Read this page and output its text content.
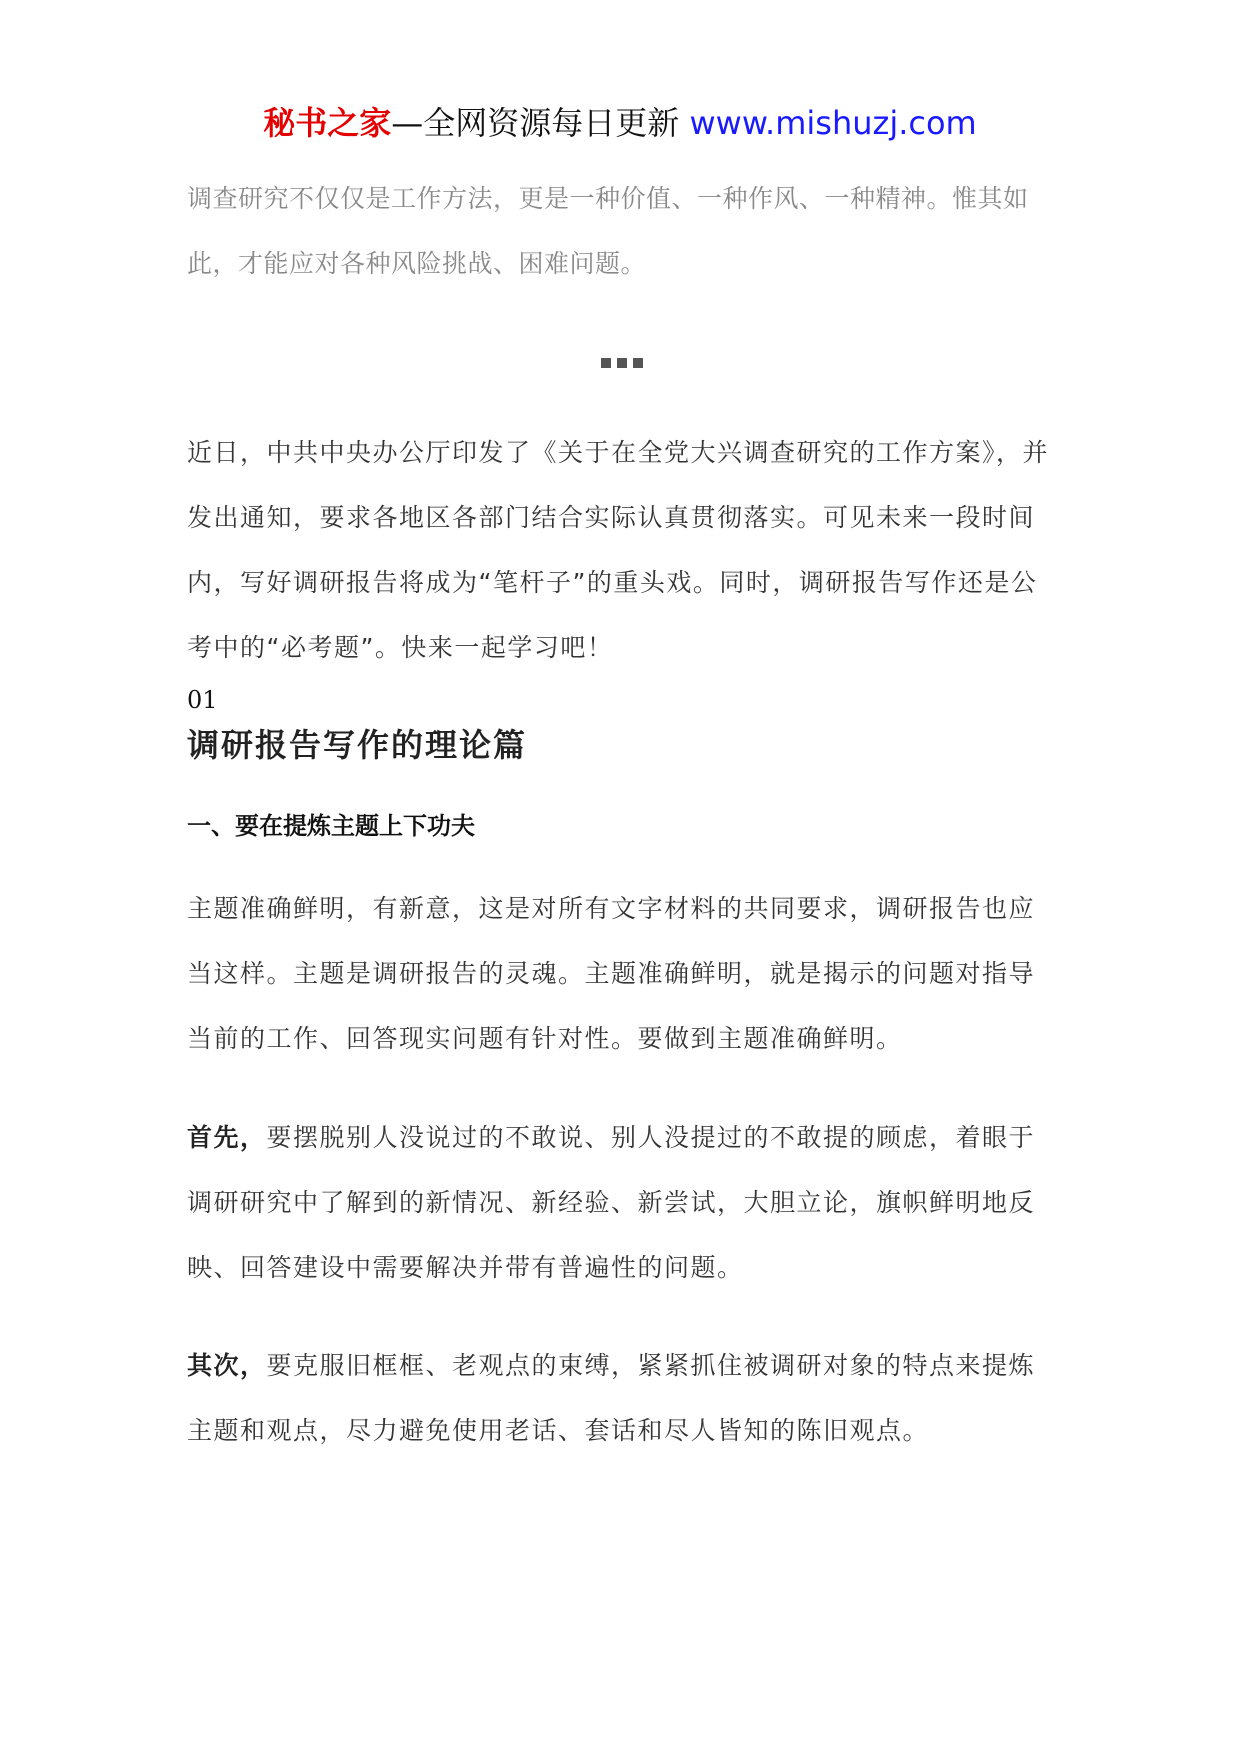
秘书之家—全网资源每日更新 www.mishuzj.com

调查研究不仅仅是工作方法，更是一种价值、一种作风、一种精神。惟其如此，才能应对各种风险挑战、困难问题。

近日，中共中央办公厅印发了《关于在全党大兴调查研究的工作方案》，并发出通知，要求各地区各部门结合实际认真贯彻落实。可见未来一段时间内，写好调研报告将成为“笔杆子”的重头戏。同时，调研报告写作还是公考中的“必考题”。快来一起学习吧！

01
调研报告写作的理论篇
一、要在提炼主题上下功夫

主题准确鲜明，有新意，这是对所有文字材料的共同要求，调研报告也应当这样。主题是调研报告的灵魂。主题准确鲜明，就是揭示的问题对指导当前的工作、回答现实问题有针对性。要做到主题准确鲜明。

首先，要摆脱别人没说过的不敢说、别人没提过的不敢提的顾虑，着眼于调研研究中了解到的新情况、新经验、新尝试，大胆立论，旗帜鲜明地反映、回答建设中需要解决并带有普遍性的问题。

其次，要克服旧框框、老观点的束缚，紧紧抓住被调研对象的特点来提炼主题和观点，尽力避免使用老话、套话和尽人皆知的陈旧观点。
